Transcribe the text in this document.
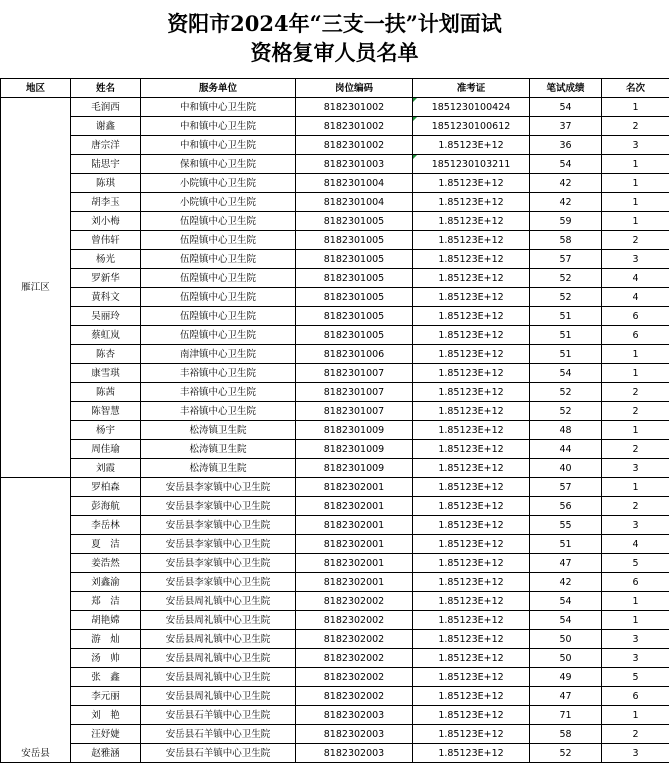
资阳市2024年“三支一扶”计划面试
资格复审人员名单
地区	姓名	服务单位	岗位编码	准考证	笔试成绩	名次
雁江区	毛润西	中和镇中心卫生院	8182301002	1851230100424	54	1
	谢鑫	中和镇中心卫生院	8182301002	1851230100612	37	2
	唐宗洋	中和镇中心卫生院	8182301002	1.85123E+12	36	3
	陆思宇	保和镇中心卫生院	8182301003	1851230103211	54	1
	陈琪	小院镇中心卫生院	8182301004	1.85123E+12	42	1
	胡李玉	小院镇中心卫生院	8182301004	1.85123E+12	42	1
	刘小梅	伍隍镇中心卫生院	8182301005	1.85123E+12	59	1
	曾伟轩	伍隍镇中心卫生院	8182301005	1.85123E+12	58	2
	杨光	伍隍镇中心卫生院	8182301005	1.85123E+12	57	3
	罗新华	伍隍镇中心卫生院	8182301005	1.85123E+12	52	4
	黄科文	伍隍镇中心卫生院	8182301005	1.85123E+12	52	4
	吴丽玲	伍隍镇中心卫生院	8182301005	1.85123E+12	51	6
	蔡虹岚	伍隍镇中心卫生院	8182301005	1.85123E+12	51	6
	陈杏	南津镇中心卫生院	8182301006	1.85123E+12	51	1
	康雪琪	丰裕镇中心卫生院	8182301007	1.85123E+12	54	1
	陈茜	丰裕镇中心卫生院	8182301007	1.85123E+12	52	2
	陈智慧	丰裕镇中心卫生院	8182301007	1.85123E+12	52	2
	杨宇	松涛镇卫生院	8182301009	1.85123E+12	48	1
	周佳瑜	松涛镇卫生院	8182301009	1.85123E+12	44	2
	刘霞	松涛镇卫生院	8182301009	1.85123E+12	40	3
安岳县	罗柏森	安岳县李家镇中心卫生院	8182302001	1.85123E+12	57	1
	彭海航	安岳县李家镇中心卫生院	8182302001	1.85123E+12	56	2
	李岳林	安岳县李家镇中心卫生院	8182302001	1.85123E+12	55	3
	夏　洁	安岳县李家镇中心卫生院	8182302001	1.85123E+12	51	4
	姜浩然	安岳县李家镇中心卫生院	8182302001	1.85123E+12	47	5
	刘鑫渝	安岳县李家镇中心卫生院	8182302001	1.85123E+12	42	6
	郑　洁	安岳县周礼镇中心卫生院	8182302002	1.85123E+12	54	1
	胡艳嫦	安岳县周礼镇中心卫生院	8182302002	1.85123E+12	54	1
	游　灿	安岳县周礼镇中心卫生院	8182302002	1.85123E+12	50	3
	汤　帅	安岳县周礼镇中心卫生院	8182302002	1.85123E+12	50	3
	张　鑫	安岳县周礼镇中心卫生院	8182302002	1.85123E+12	49	5
	李元丽	安岳县周礼镇中心卫生院	8182302002	1.85123E+12	47	6
	刘　艳	安岳县石羊镇中心卫生院	8182302003	1.85123E+12	71	1
	汪妤婕	安岳县石羊镇中心卫生院	8182302003	1.85123E+12	58	2
	赵雅涵	安岳县石羊镇中心卫生院	8182302003	1.85123E+12	52	3
